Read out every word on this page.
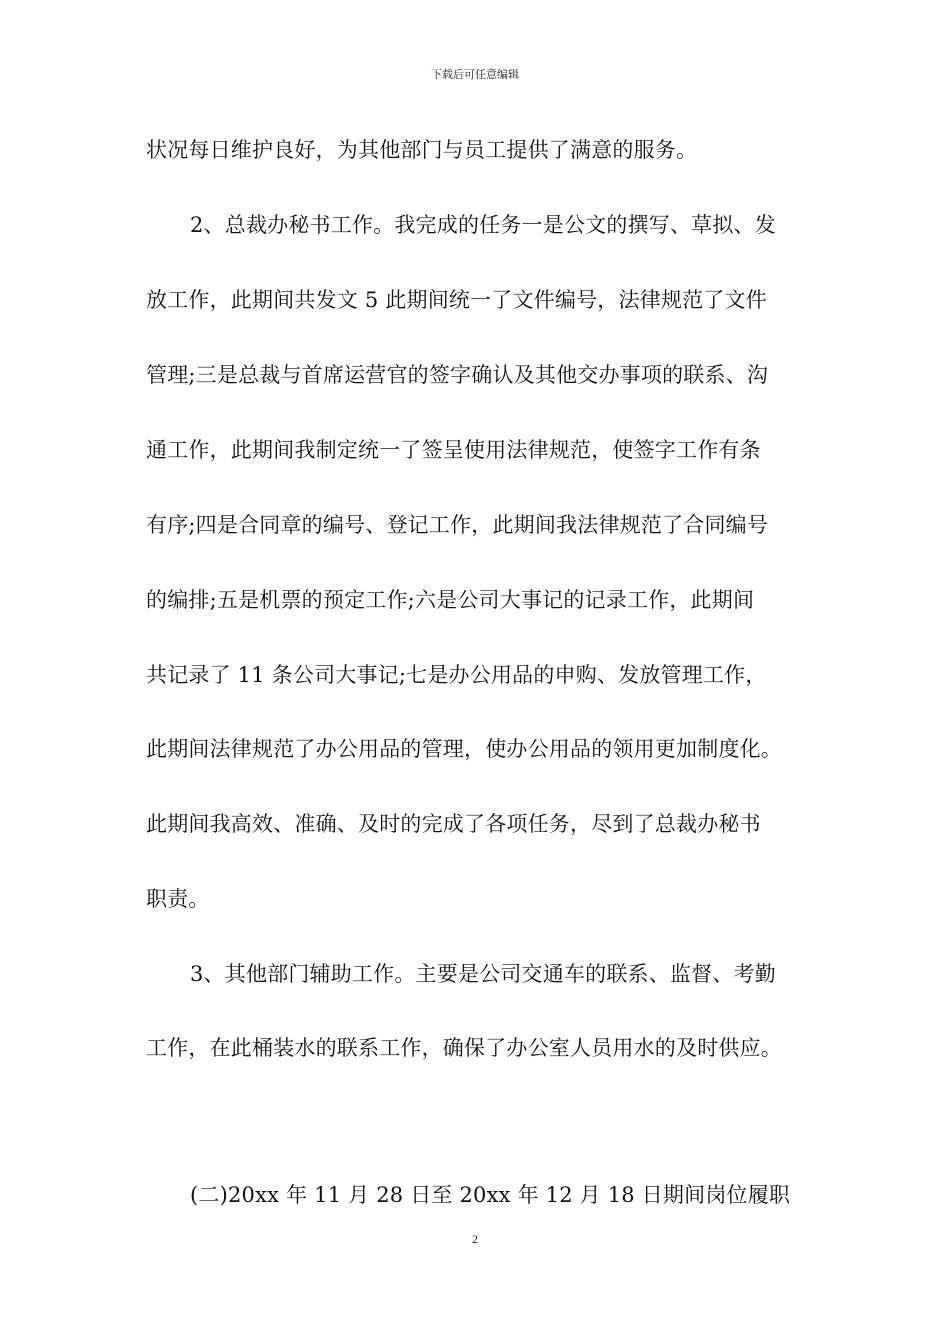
下载后可任意编辑
状况每日维护良好，为其他部门与员工提供了满意的服务。
2、总裁办秘书工作。我完成的任务一是公文的撰写、草拟、发
放工作，此期间共发文 5 此期间统一了文件编号，法律规范了文件
管理;三是总裁与首席运营官的签字确认及其他交办事项的联系、沟
通工作，此期间我制定统一了签呈使用法律规范，使签字工作有条
有序;四是合同章的编号、登记工作，此期间我法律规范了合同编号
的编排;五是机票的预定工作;六是公司大事记的记录工作，此期间
共记录了 11 条公司大事记;七是办公用品的申购、发放管理工作，
此期间法律规范了办公用品的管理，使办公用品的领用更加制度化。
此期间我高效、准确、及时的完成了各项任务，尽到了总裁办秘书
职责。
3、其他部门辅助工作。主要是公司交通车的联系、监督、考勤
工作，在此桶装水的联系工作，确保了办公室人员用水的及时供应。
(二)20xx 年 11 月 28 日至 20xx 年 12 月 18 日期间岗位履职
2
